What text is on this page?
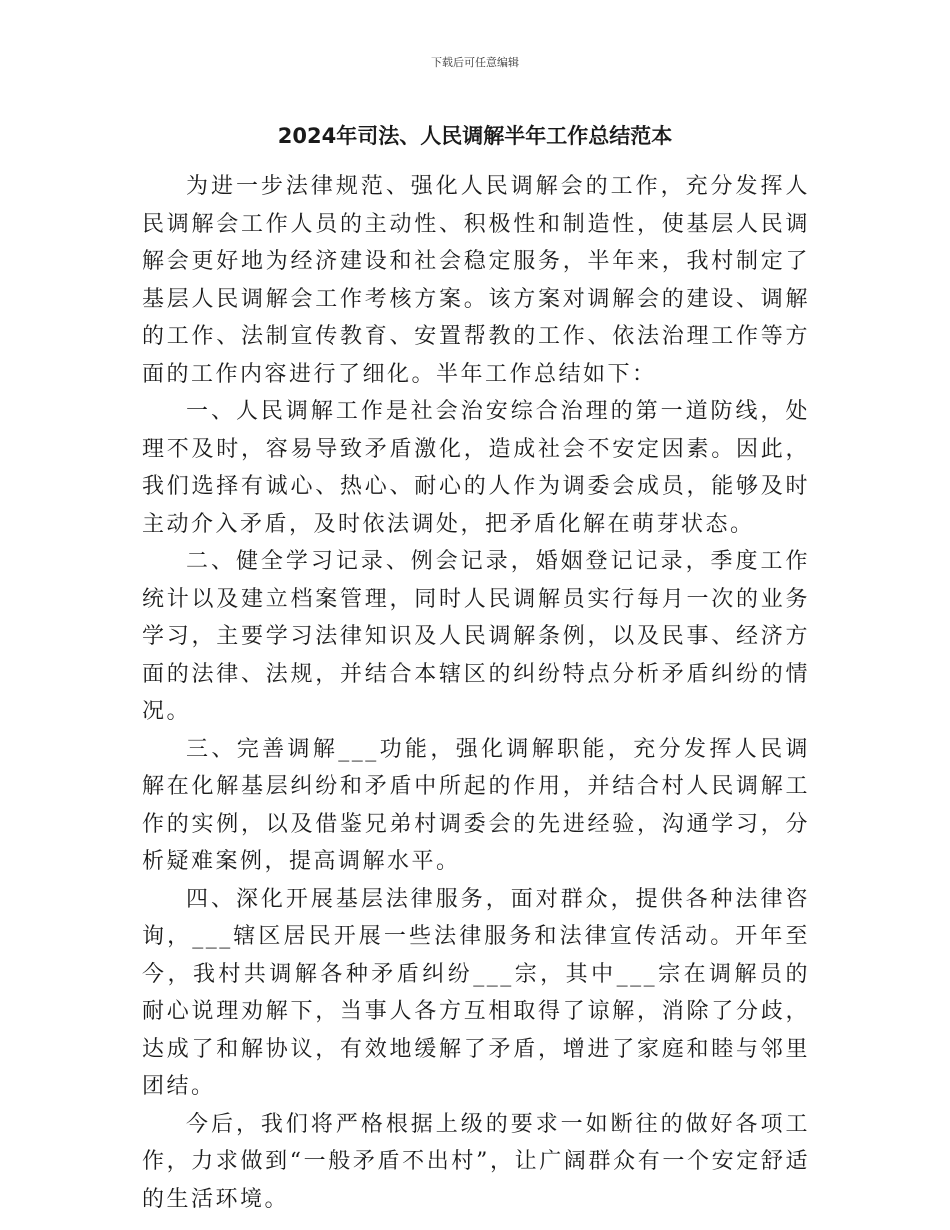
下载后可任意编辑
2024年司法、人民调解半年工作总结范本

为进一步法律规范、强化人民调解会的工作，充分发挥人民调解会工作人员的主动性、积极性和制造性，使基层人民调解会更好地为经济建设和社会稳定服务，半年来，我村制定了基层人民调解会工作考核方案。该方案对调解会的建设、调解的工作、法制宣传教育、安置帮教的工作、依法治理工作等方面的工作内容进行了细化。半年工作总结如下：

一、人民调解工作是社会治安综合治理的第一道防线，处理不及时，容易导致矛盾激化，造成社会不安定因素。因此，我们选择有诚心、热心、耐心的人作为调委会成员，能够及时主动介入矛盾，及时依法调处，把矛盾化解在萌芽状态。

二、健全学习记录、例会记录，婚姻登记记录，季度工作统计以及建立档案管理，同时人民调解员实行每月一次的业务学习，主要学习法律知识及人民调解条例，以及民事、经济方面的法律、法规，并结合本辖区的纠纷特点分析矛盾纠纷的情况。

三、完善调解___功能，强化调解职能，充分发挥人民调解在化解基层纠纷和矛盾中所起的作用，并结合村人民调解工作的实例，以及借鉴兄弟村调委会的先进经验，沟通学习，分析疑难案例，提高调解水平。

四、深化开展基层法律服务，面对群众，提供各种法律咨询，___辖区居民开展一些法律服务和法律宣传活动。开年至今，我村共调解各种矛盾纠纷___宗，其中___宗在调解员的耐心说理劝解下，当事人各方互相取得了谅解，消除了分歧，达成了和解协议，有效地缓解了矛盾，增进了家庭和睦与邻里团结。

今后，我们将严格根据上级的要求一如断往的做好各项工作，力求做到“一般矛盾不出村”，让广阔群众有一个安定舒适的生活环境。
